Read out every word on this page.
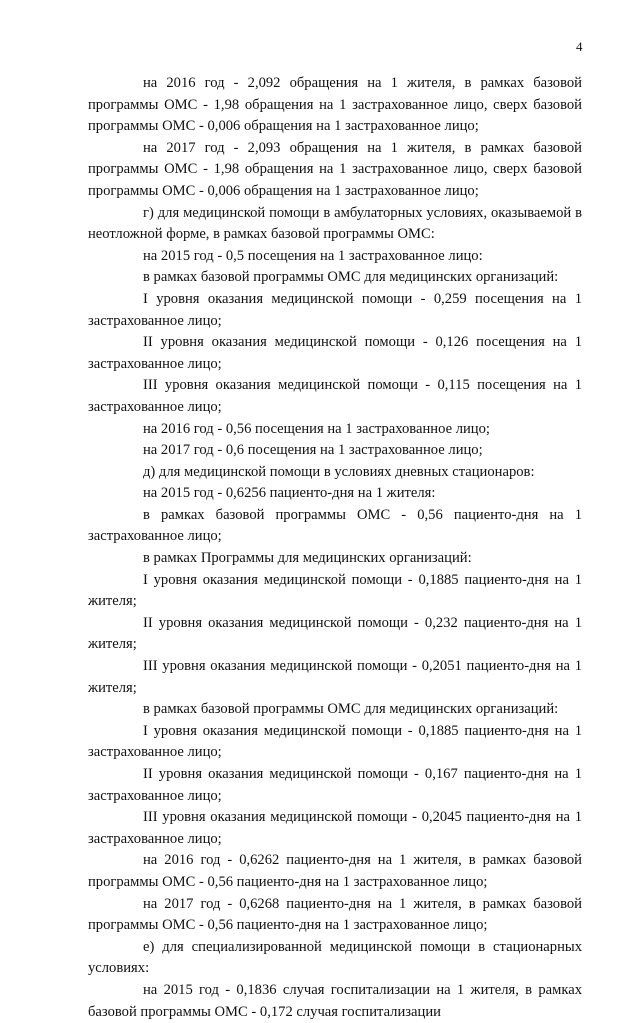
4

на 2016 год - 2,092 обращения на 1 жителя, в рамках базовой программы ОМС - 1,98 обращения на 1 застрахованное лицо, сверх базовой программы ОМС - 0,006 обращения на 1 застрахованное лицо;

на 2017 год - 2,093 обращения на 1 жителя, в рамках базовой программы ОМС - 1,98 обращения на 1 застрахованное лицо, сверх базовой программы ОМС - 0,006 обращения на 1 застрахованное лицо;

г) для медицинской помощи в амбулаторных условиях, оказываемой в неотложной форме, в рамках базовой программы ОМС:

на 2015 год - 0,5 посещения на 1 застрахованное лицо:

в рамках базовой программы ОМС для медицинских организаций:

I уровня оказания медицинской помощи - 0,259 посещения на 1 застрахованное лицо;

II уровня оказания медицинской помощи - 0,126 посещения на 1 застрахованное лицо;

III уровня оказания медицинской помощи - 0,115 посещения на 1 застрахованное лицо;

на 2016 год - 0,56 посещения на 1 застрахованное лицо;

на 2017 год - 0,6 посещения на 1 застрахованное лицо;

д) для медицинской помощи в условиях дневных стационаров:

на 2015 год - 0,6256 пациенто-дня на 1 жителя:

в рамках базовой программы ОМС - 0,56 пациенто-дня на 1 застрахованное лицо;

в рамках Программы для медицинских организаций:

I уровня оказания медицинской помощи - 0,1885 пациенто-дня на 1 жителя;

II уровня оказания медицинской помощи - 0,232 пациенто-дня на 1 жителя;

III уровня оказания медицинской помощи - 0,2051 пациенто-дня на 1 жителя;

в рамках базовой программы ОМС для медицинских организаций:

I уровня оказания медицинской помощи - 0,1885 пациенто-дня на 1 застрахованное лицо;

II уровня оказания медицинской помощи - 0,167 пациенто-дня на 1 застрахованное лицо;

III уровня оказания медицинской помощи - 0,2045 пациенто-дня на 1 застрахованное лицо;

на 2016 год - 0,6262 пациенто-дня на 1 жителя, в рамках базовой программы ОМС - 0,56 пациенто-дня на 1 застрахованное лицо;

на 2017 год - 0,6268 пациенто-дня на 1 жителя, в рамках базовой программы ОМС - 0,56 пациенто-дня на 1 застрахованное лицо;

е) для специализированной медицинской помощи в стационарных условиях:

на 2015 год - 0,1836 случая госпитализации на 1 жителя, в рамках базовой программы ОМС - 0,172 случая госпитализации
